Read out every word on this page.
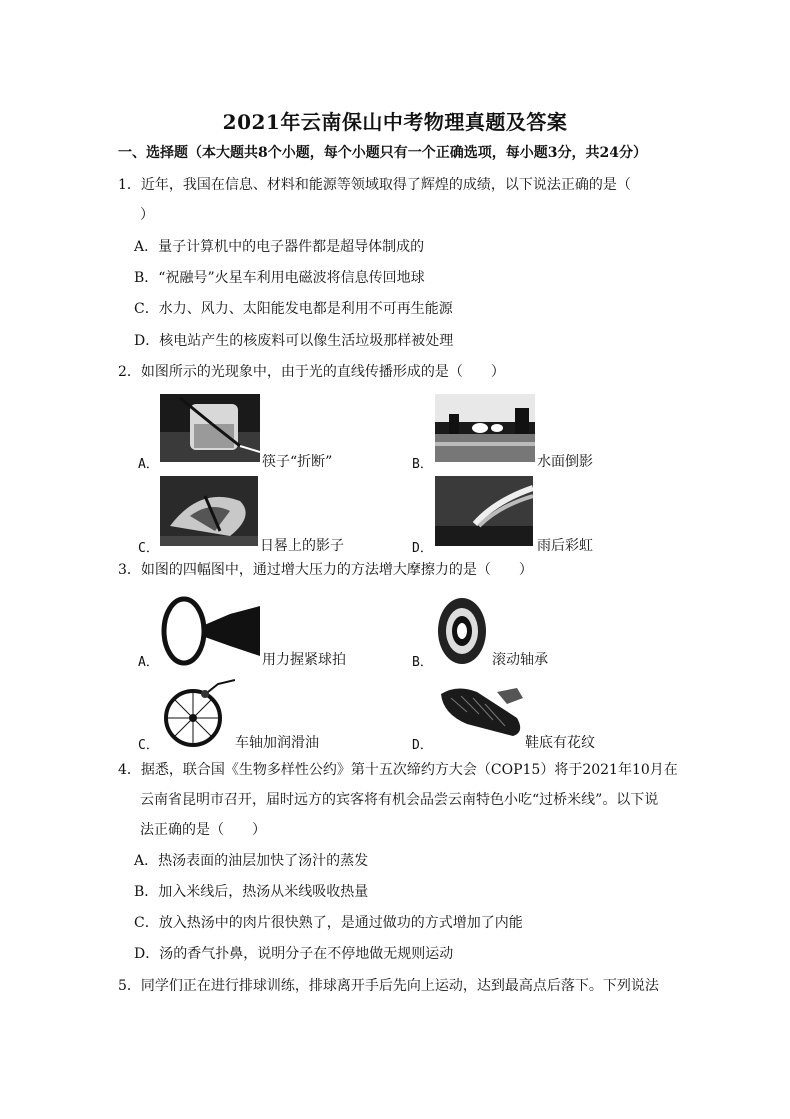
2021年云南保山中考物理真题及答案
一、选择题（本大题共8个小题，每个小题只有一个正确选项，每小题3分，共24分）
1．近年，我国在信息、材料和能源等领域取得了辉煌的成绩，以下说法正确的是（
）
A．量子计算机中的电子器件都是超导体制成的
B．“祝融号”火星车利用电磁波将信息传回地球
C．水力、风力、太阳能发电都是利用不可再生能源
D．核电站产生的核废料可以像生活垃圾那样被处理
2．如图所示的光现象中，由于光的直线传播形成的是（　　）
A．	筷子“折断”	B．	水面倒影
C．	日晷上的影子	D．	雨后彩虹
3．如图的四幅图中，通过增大压力的方法增大摩擦力的是（　　）
A．	用力握紧球拍	B．	滚动轴承
C．	车轴加润滑油	D．	鞋底有花纹
4．据悉，联合国《生物多样性公约》第十五次缔约方大会（COP15）将于2021年10月在
云南省昆明市召开，届时远方的宾客将有机会品尝云南特色小吃“过桥米线”。以下说
法正确的是（　　）
A．热汤表面的油层加快了汤汁的蒸发
B．加入米线后，热汤从米线吸收热量
C．放入热汤中的肉片很快熟了，是通过做功的方式增加了内能
D．汤的香气扑鼻，说明分子在不停地做无规则运动
5．同学们正在进行排球训练，排球离开手后先向上运动，达到最高点后落下。下列说法
